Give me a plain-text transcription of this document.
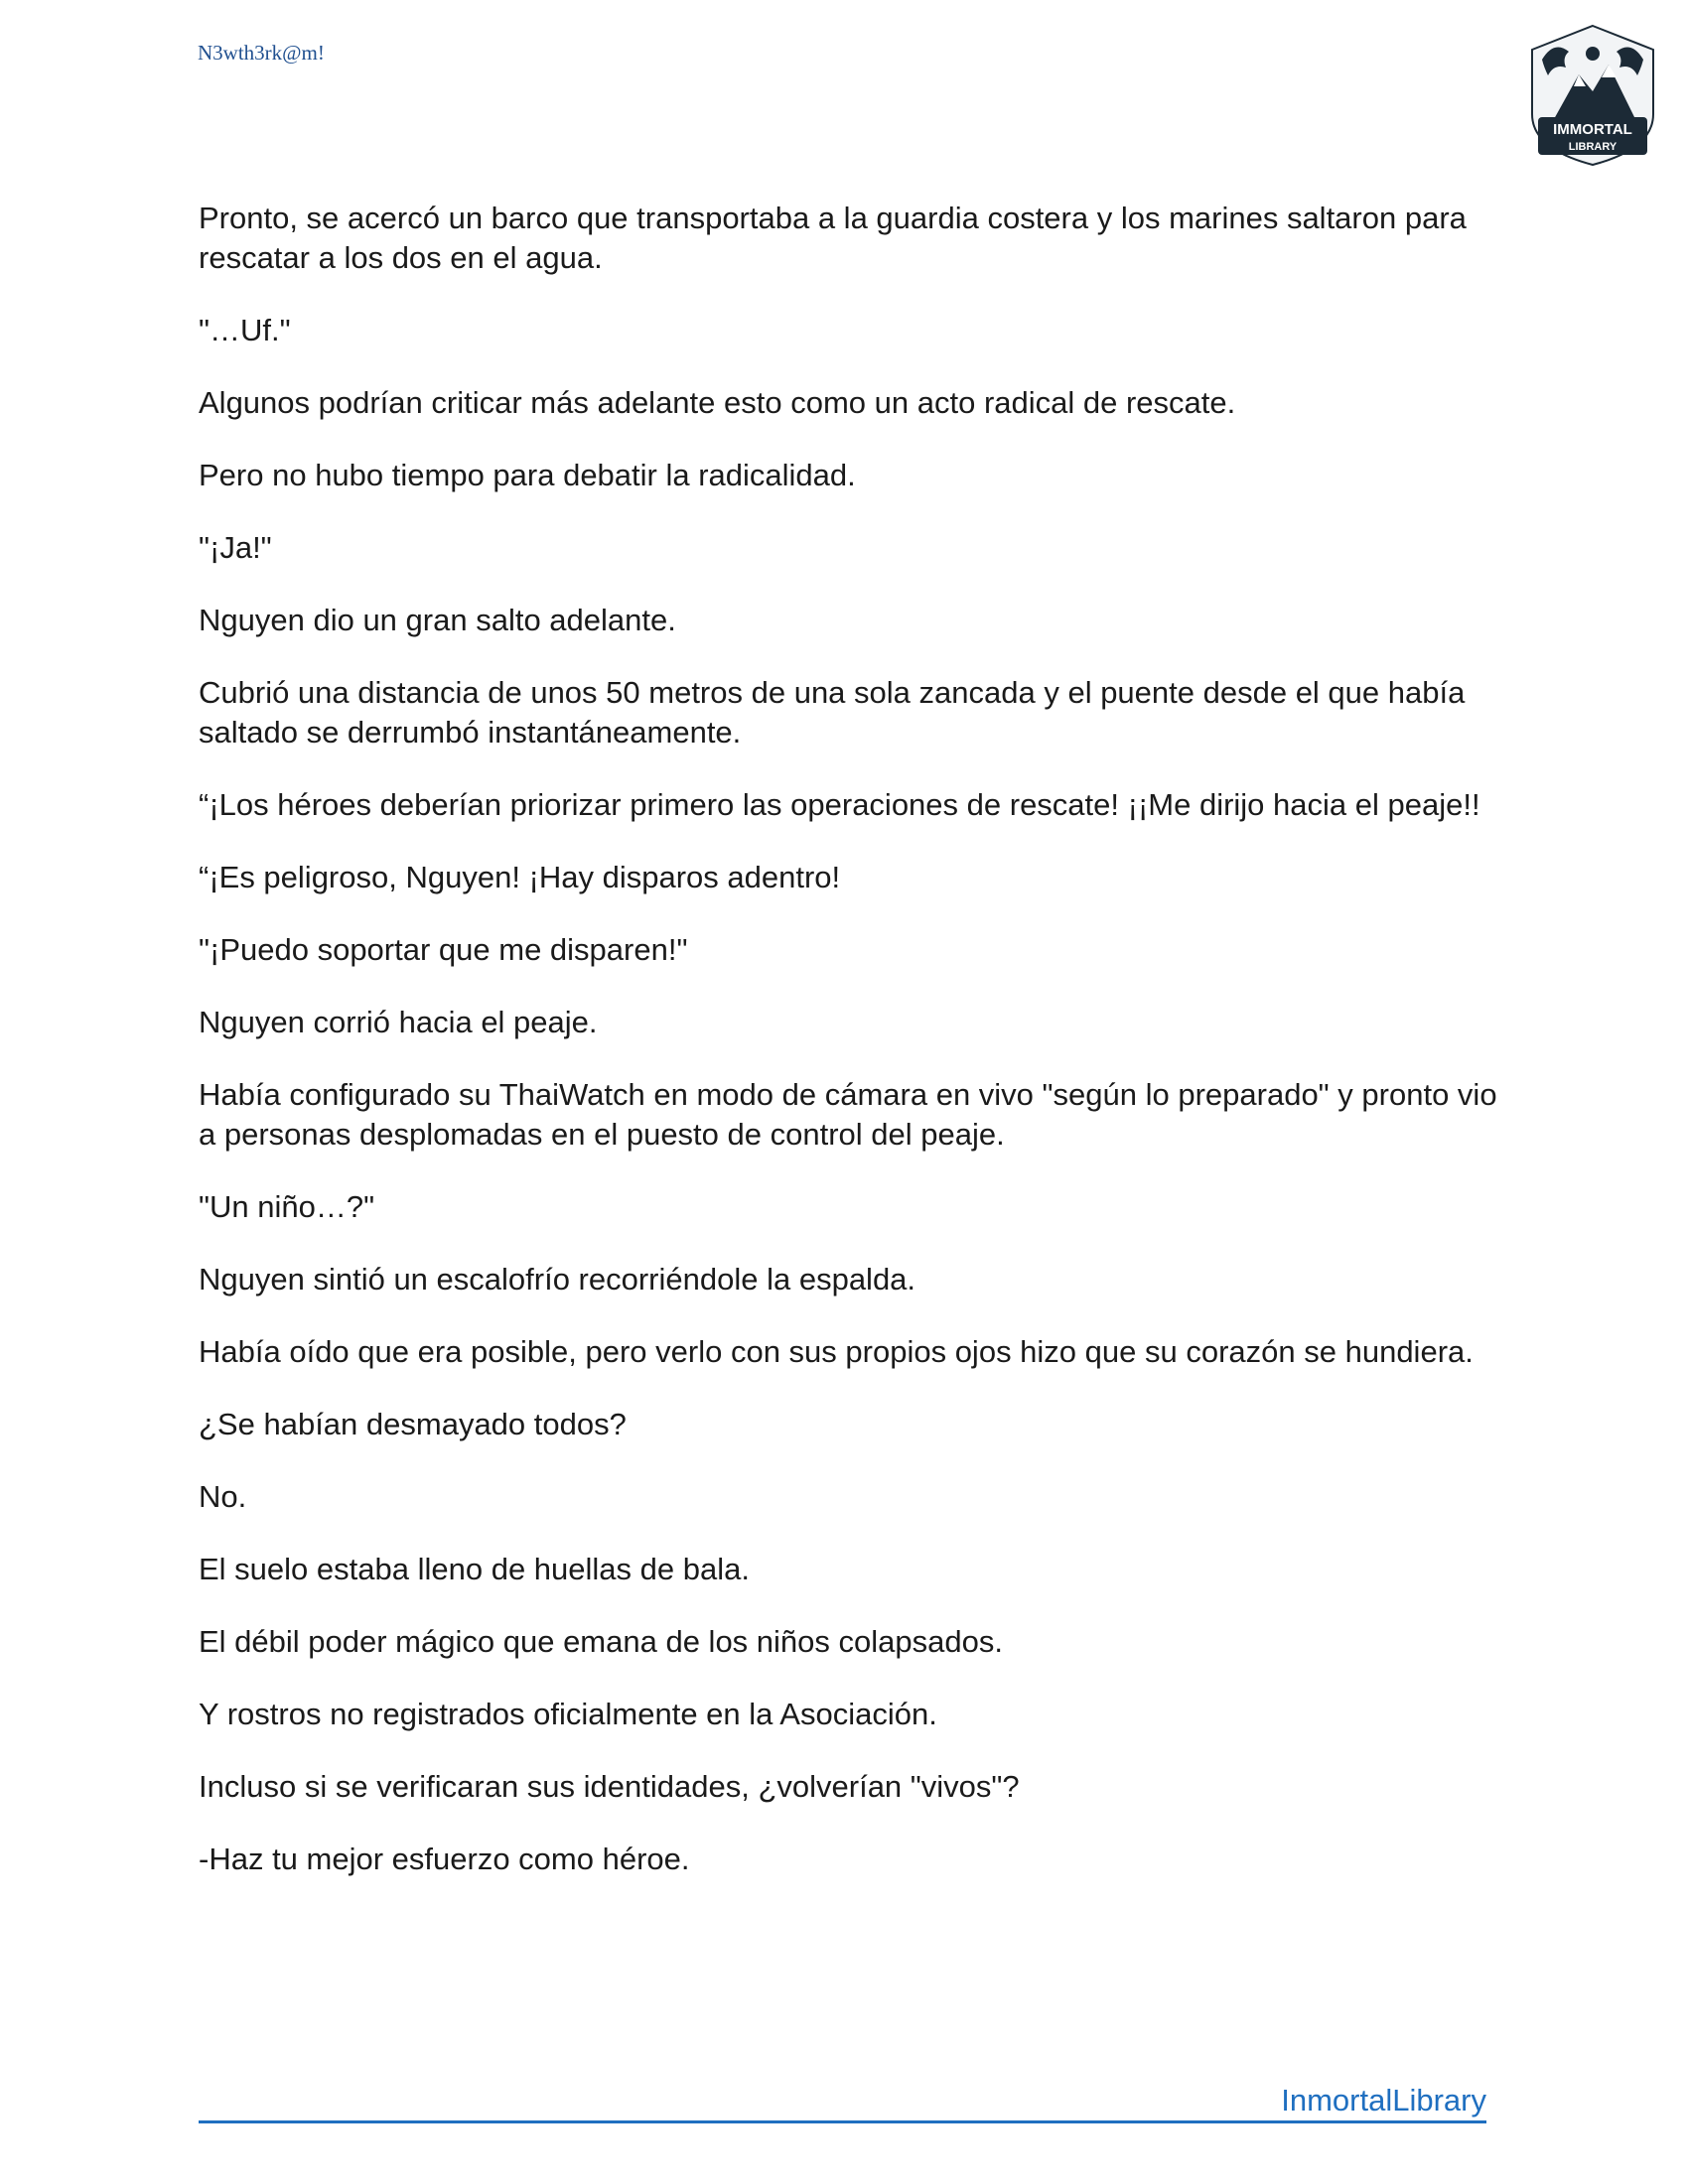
N3wth3rk@m!
IMMORTAL
LIBRARY

Pronto, se acercó un barco que transportaba a la guardia costera y los marines saltaron para rescatar a los dos en el agua.

"…Uf."

Algunos podrían criticar más adelante esto como un acto radical de rescate.

Pero no hubo tiempo para debatir la radicalidad.

"¡Ja!"

Nguyen dio un gran salto adelante.

Cubrió una distancia de unos 50 metros de una sola zancada y el puente desde el que había saltado se derrumbó instantáneamente.

“¡Los héroes deberían priorizar primero las operaciones de rescate! ¡¡Me dirijo hacia el peaje!!

“¡Es peligroso, Nguyen! ¡Hay disparos adentro!

"¡Puedo soportar que me disparen!"

Nguyen corrió hacia el peaje.

Había configurado su ThaiWatch en modo de cámara en vivo "según lo preparado" y pronto vio a personas desplomadas en el puesto de control del peaje.

"Un niño…?"

Nguyen sintió un escalofrío recorriéndole la espalda.

Había oído que era posible, pero verlo con sus propios ojos hizo que su corazón se hundiera.

¿Se habían desmayado todos?

No.

El suelo estaba lleno de huellas de bala.

El débil poder mágico que emana de los niños colapsados.

Y rostros no registrados oficialmente en la Asociación.

Incluso si se verificaran sus identidades, ¿volverían "vivos"?

-Haz tu mejor esfuerzo como héroe.

InmortalLibrary
